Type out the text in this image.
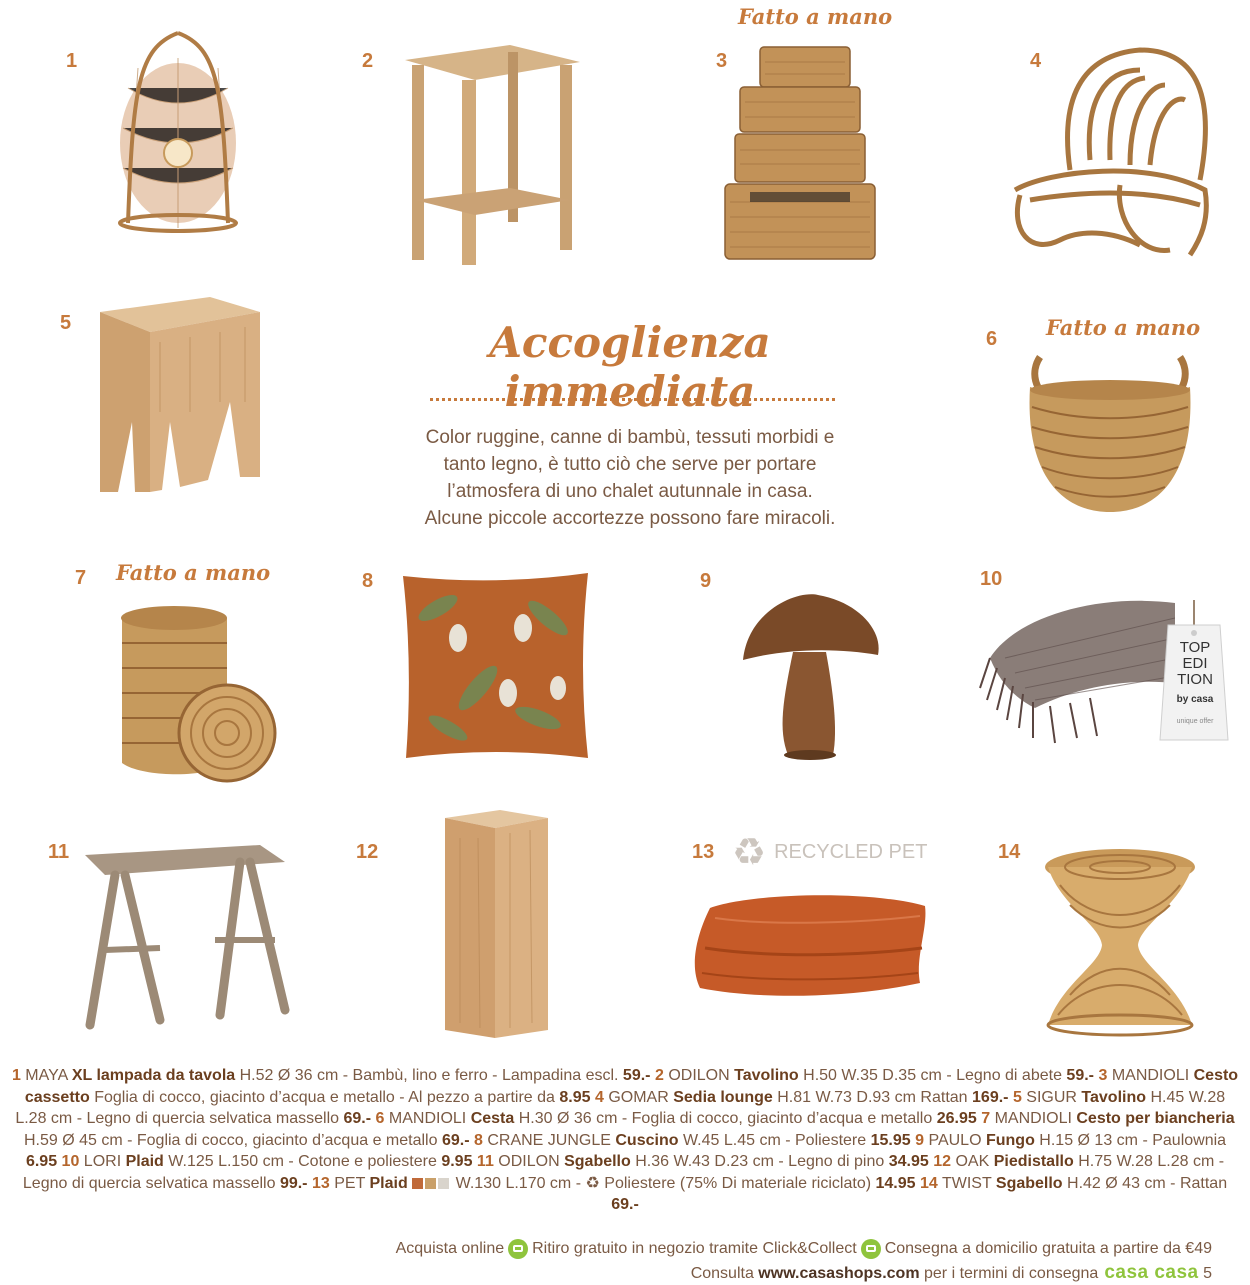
1	2	3	4
5
6
7	8	9	10
11	12	13	14
Fatto a mano
Fatto a mano
Fatto a mano
Accoglienza immediata
Color ruggine, canne di bambù, tessuti morbidi e
tanto legno, è tutto ciò che serve per portare
l’atmosfera di uno chalet autunnale in casa.
Alcune piccole accortezze possono fare miracoli.
TOP
EDI
TION
by casa
unique offer
♻ RECYCLED PET
1 MAYA XL lampada da tavola H.52 Ø 36 cm - Bambù, lino e ferro - Lampadina escl. 59.- 2 ODILON Tavolino H.50 W.35 D.35 cm - Legno di abete 59.- 3 MANDIOLI Cesto cassetto Foglia di cocco, giacinto d’acqua e metallo - Al pezzo a partire da 8.95 4 GOMAR Sedia lounge H.81 W.73 D.93 cm Rattan 169.- 5 SIGUR Tavolino H.45 W.28 L.28 cm - Legno di quercia selvatica massello 69.- 6 MANDIOLI Cesta H.30 Ø 36 cm - Foglia di cocco, giacinto d’acqua e metallo 26.95 7 MANDIOLI Cesto per biancheria H.59 Ø 45 cm - Foglia di cocco, giacinto d’acqua e metallo 69.- 8 CRANE JUNGLE Cuscino W.45 L.45 cm - Poliestere 15.95 9 PAULO Fungo H.15 Ø 13 cm - Paulownia 6.95 10 LORI Plaid W.125 L.150 cm - Cotone e poliestere 9.95 11 ODILON Sgabello H.36 W.43 D.23 cm - Legno di pino 34.95 12 OAK Piedistallo H.75 W.28 L.28 cm - Legno di quercia selvatica massello 99.- 13 PET Plaid	W.130 L.170 cm - ♻ Poliestere (75% Di materiale riciclato) 14.95 14 TWIST Sgabello H.42 Ø 43 cm - Rattan 69.-
Acquista online Ritiro gratuito in negozio tramite Click&Collect Consegna a domicilio gratuita a partire da €49
Consulta www.casashops.com per i termini di consegna casa casa 5
